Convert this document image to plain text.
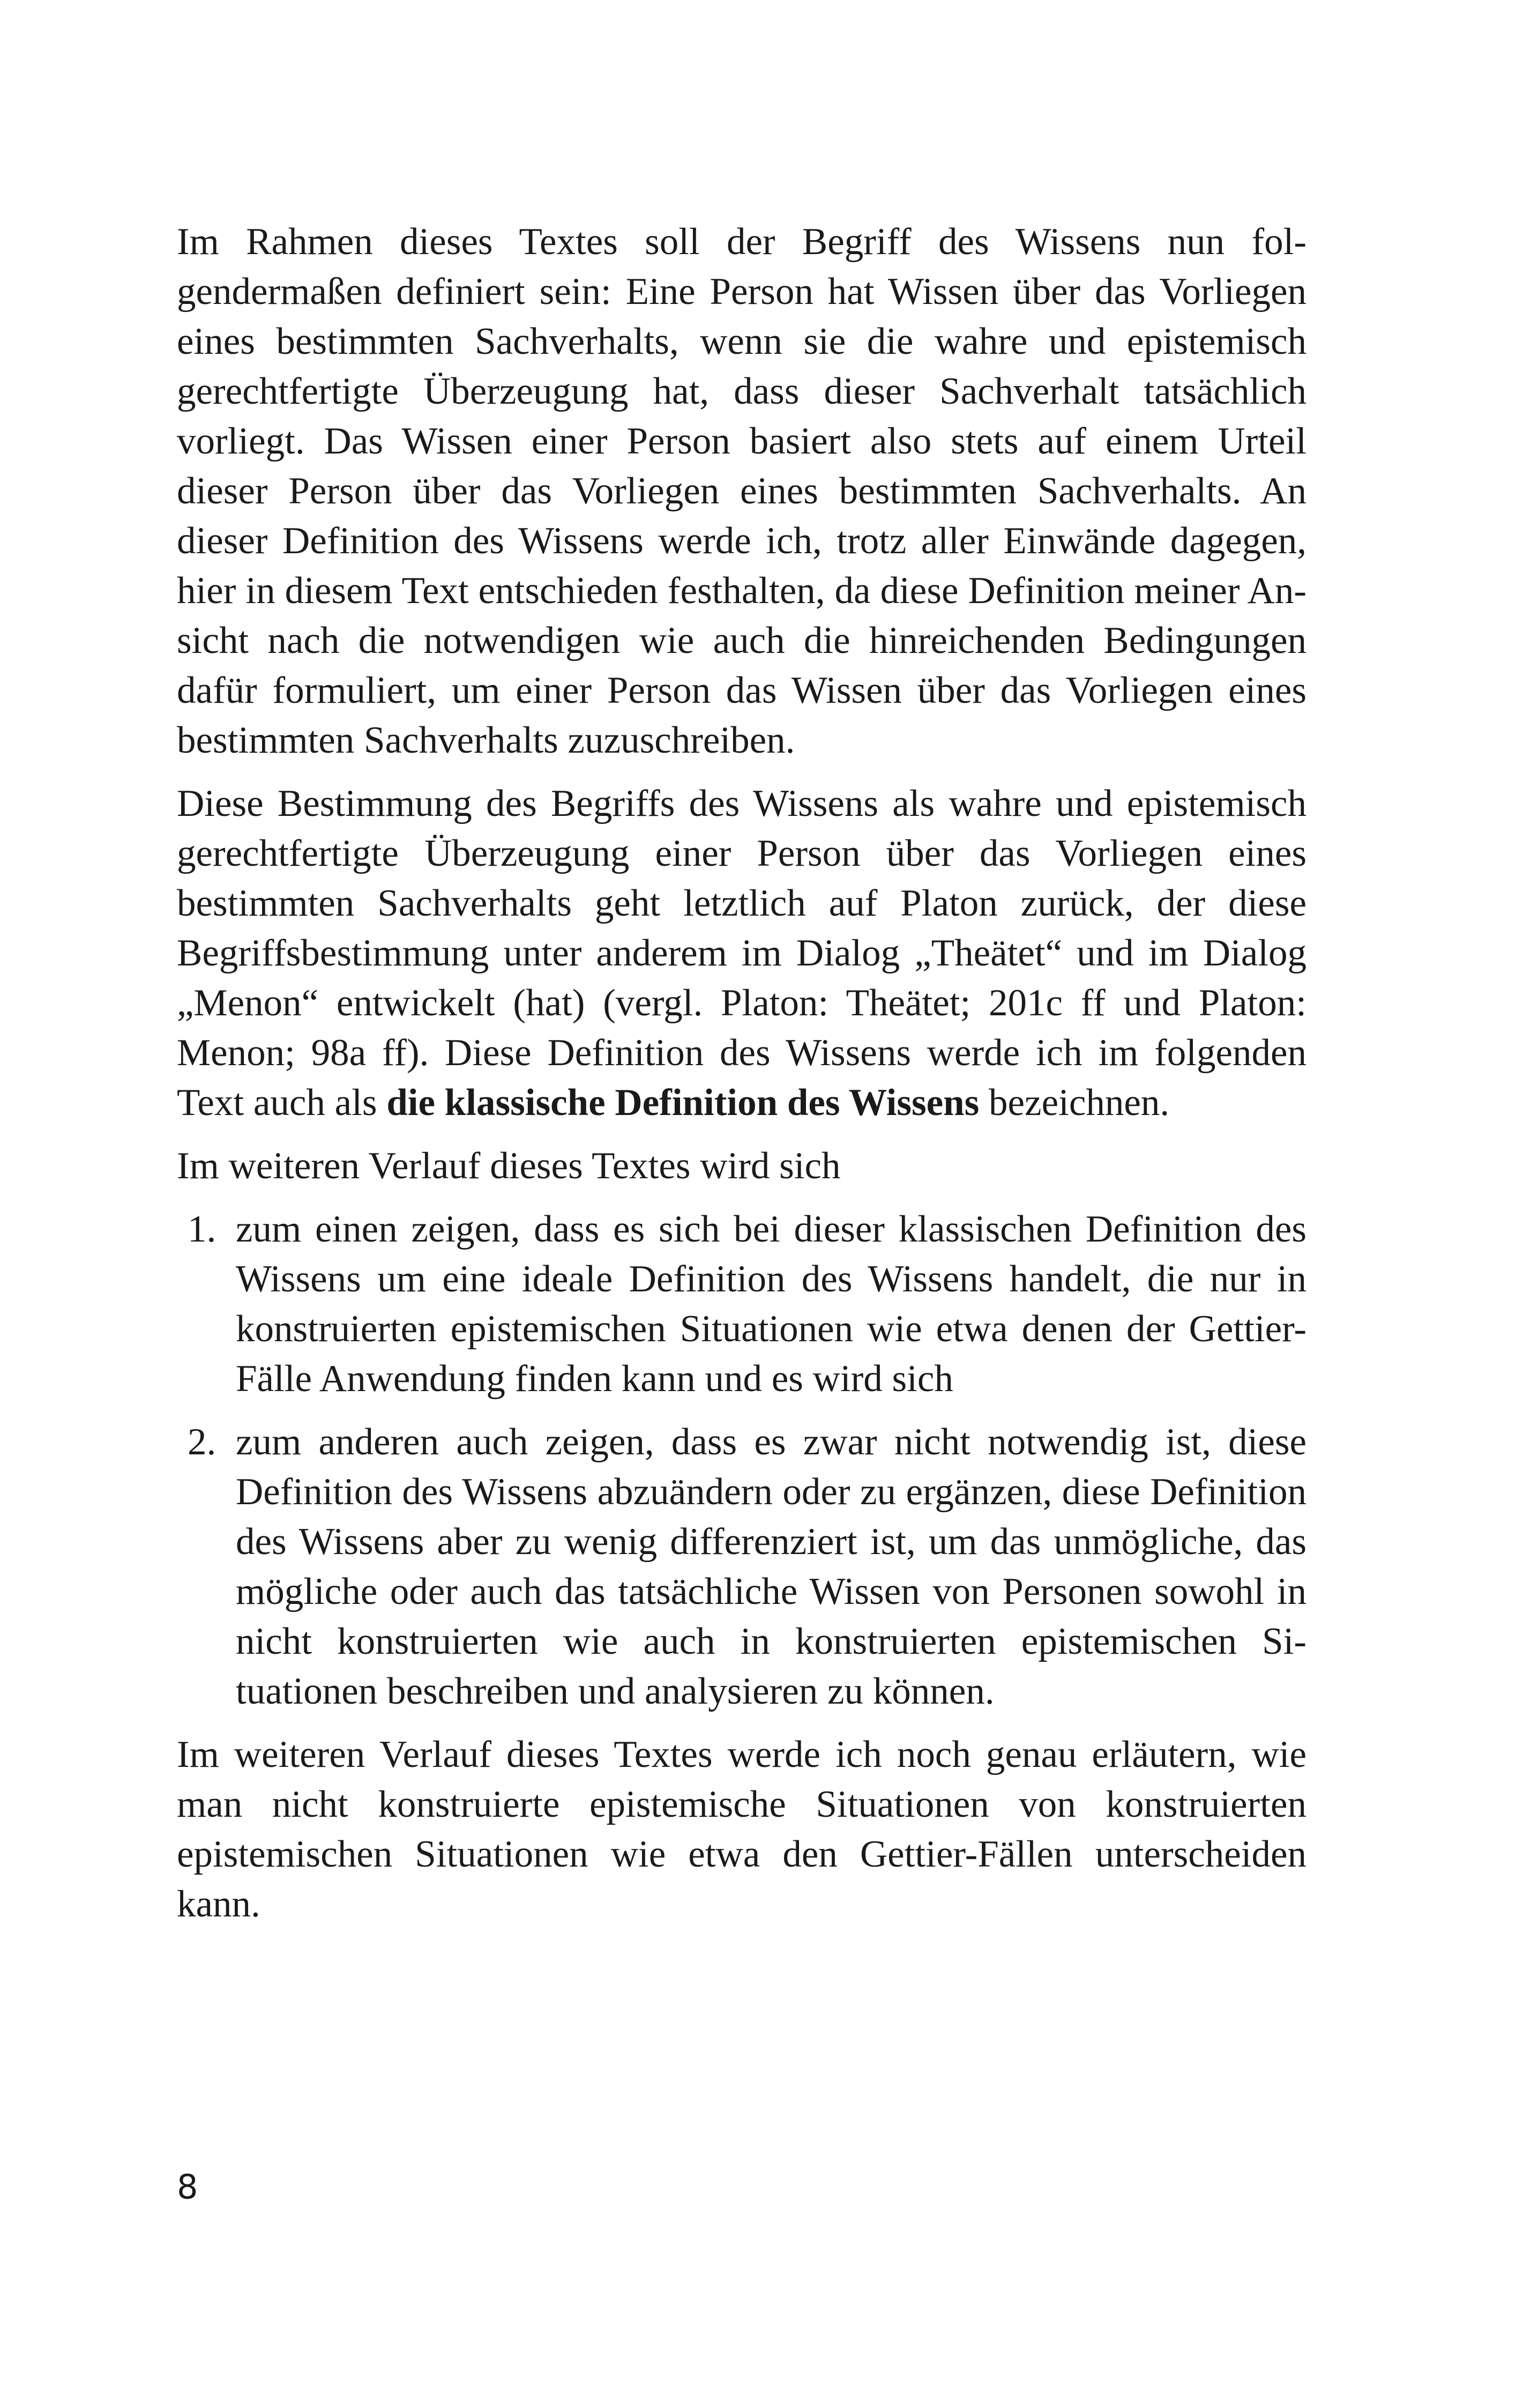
Im Rahmen dieses Textes soll der Begriff des Wissens nun folgendermaßen definiert sein: Eine Person hat Wissen über das Vorliegen eines bestimmten Sachverhalts, wenn sie die wahre und epistemisch gerechtfertigte Überzeugung hat, dass dieser Sachverhalt tatsächlich vorliegt. Das Wissen einer Person basiert also stets auf einem Urteil dieser Person über das Vorliegen eines bestimmten Sachverhalts. An dieser Definition des Wissens werde ich, trotz aller Einwände dagegen, hier in diesem Text entschieden festhalten, da diese Definition meiner Ansicht nach die notwendigen wie auch die hinreichenden Bedingungen dafür formuliert, um einer Person das Wissen über das Vorliegen eines bestimmten Sachverhalts zuzuschreiben.

Diese Bestimmung des Begriffs des Wissens als wahre und epistemisch gerechtfertigte Überzeugung einer Person über das Vorliegen eines bestimmten Sachverhalts geht letztlich auf Platon zurück, der diese Begriffsbestimmung unter anderem im Dialog „Theätet“ und im Dialog „Menon“ entwickelt (hat) (vergl. Platon: Theätet; 201c ff und Platon: Menon; 98a ff). Diese Definition des Wissens werde ich im folgenden Text auch als die klassische Definition des Wissens bezeichnen.

Im weiteren Verlauf dieses Textes wird sich

1. zum einen zeigen, dass es sich bei dieser klassischen Definition des Wissens um eine ideale Definition des Wissens handelt, die nur in konstruierten epistemischen Situationen wie etwa denen der Gettier-Fälle Anwendung finden kann und es wird sich
2. zum anderen auch zeigen, dass es zwar nicht notwendig ist, diese Definition des Wissens abzuändern oder zu ergänzen, diese Definition des Wissens aber zu wenig differenziert ist, um das unmögliche, das mögliche oder auch das tatsächliche Wissen von Personen sowohl in nicht konstruierten wie auch in konstruierten epistemischen Situationen beschreiben und analysieren zu können.

Im weiteren Verlauf dieses Textes werde ich noch genau erläutern, wie man nicht konstruierte epistemische Situationen von konstruierten epistemischen Situationen wie etwa den Gettier-Fällen unterscheiden kann.

8
